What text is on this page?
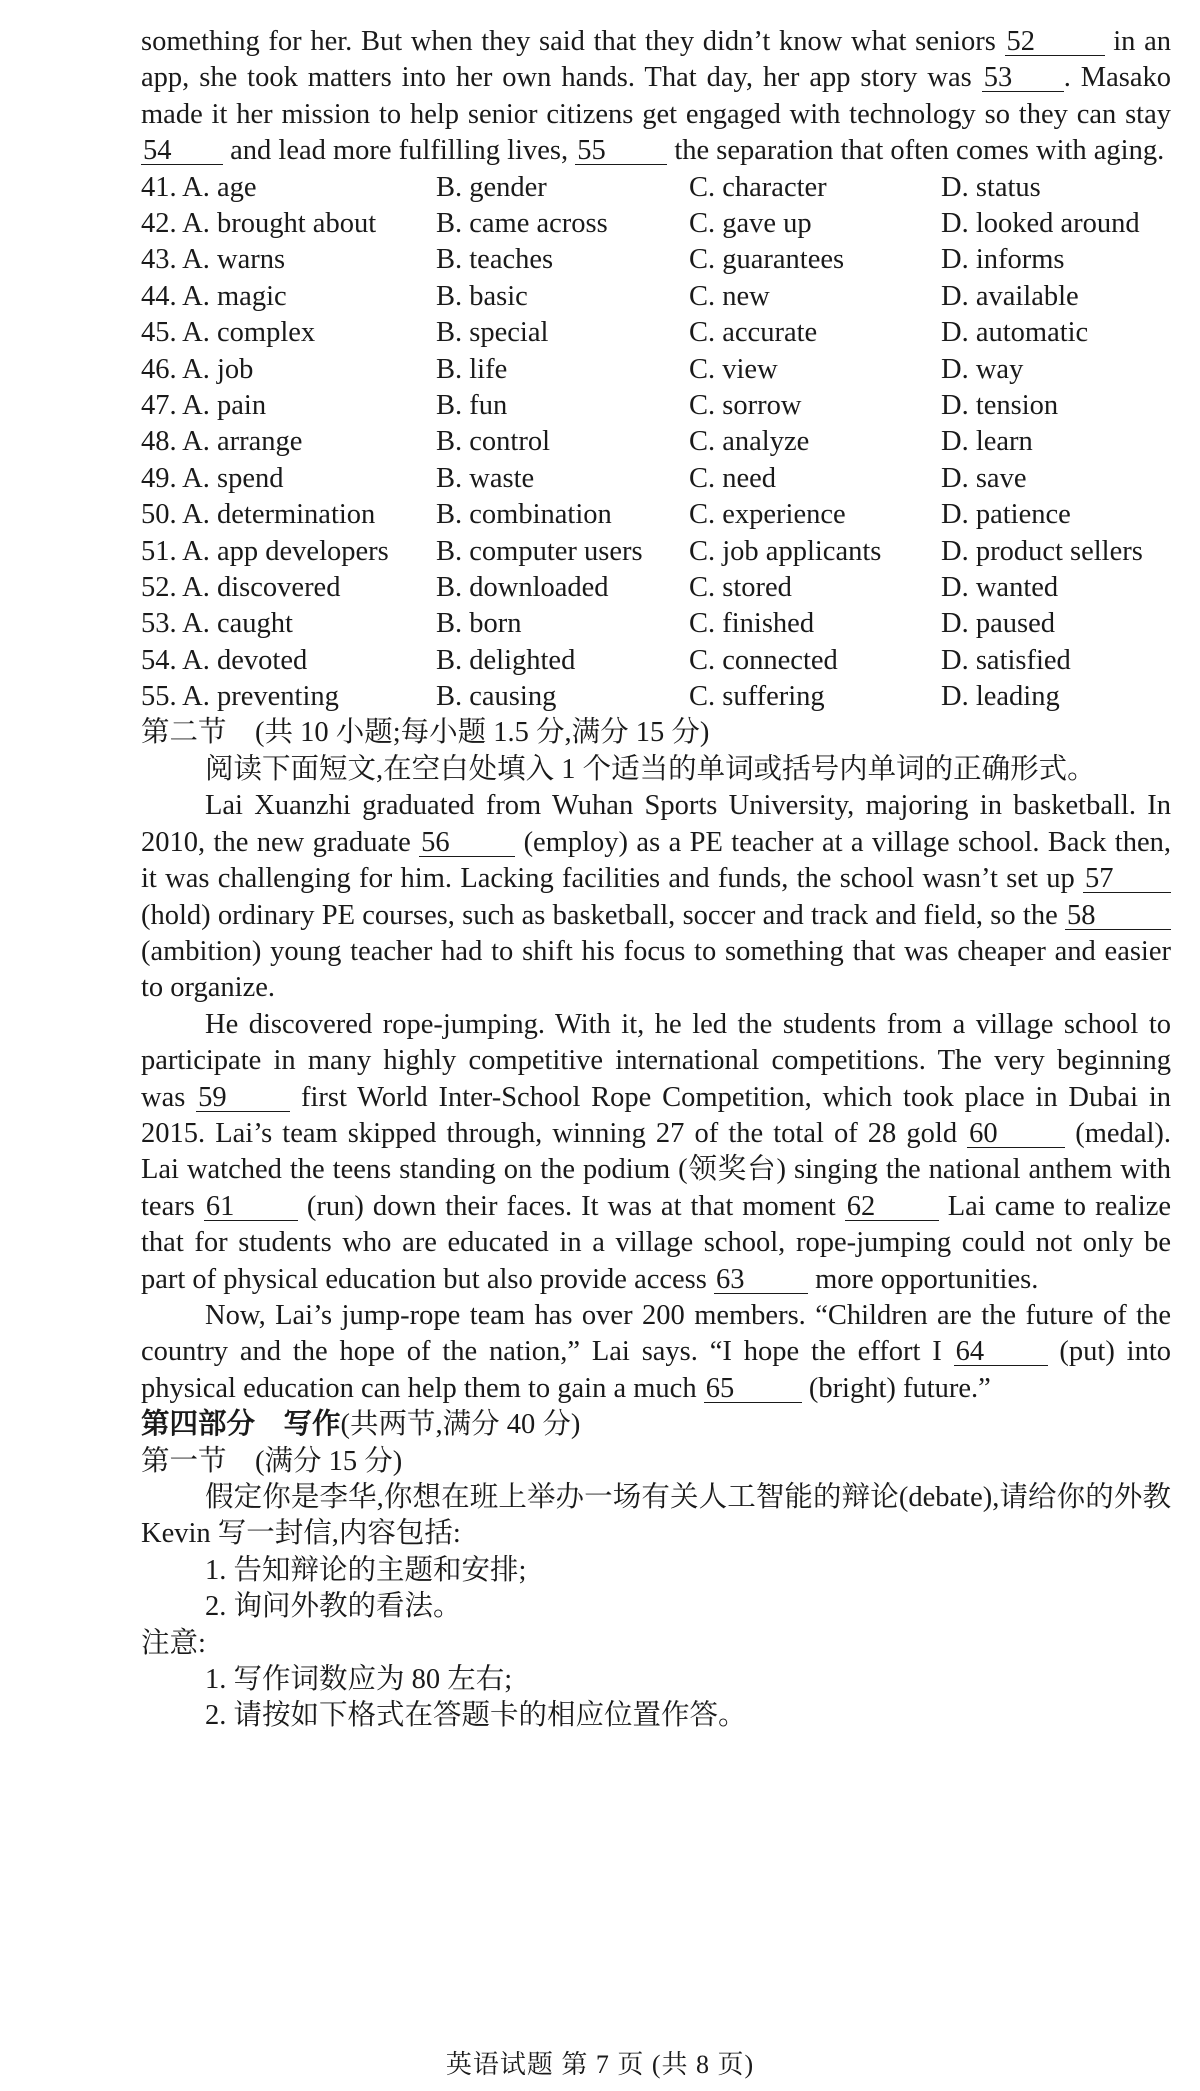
something for her. But when they said that they didn’t know what seniors 52	in an app, she took matters into her own hands. That day, her app story was 53 . Masako made it her mission to help senior citizens get engaged with technology so they can stay 54 and lead more fulfilling lives, 55 the separation that often comes with aging.

41. A. age	B. gender	C. character	D. status
42. A. brought about	B. came across	C. gave up	D. looked around
43. A. warns	B. teaches	C. guarantees	D. informs
44. A. magic	B. basic	C. new	D. available
45. A. complex	B. special	C. accurate	D. automatic
46. A. job	B. life	C. view	D. way
47. A. pain	B. fun	C. sorrow	D. tension
48. A. arrange	B. control	C. analyze	D. learn
49. A. spend	B. waste	C. need	D. save
50. A. determination	B. combination	C. experience	D. patience
51. A. app developers	B. computer users	C. job applicants	D. product sellers
52. A. discovered	B. downloaded	C. stored	D. wanted
53. A. caught	B. born	C. finished	D. paused
54. A. devoted	B. delighted	C. connected	D. satisfied
55. A. preventing	B. causing	C. suffering	D. leading

第二节　(共 10 小题;每小题 1.5 分,满分 15 分)

阅读下面短文,在空白处填入 1 个适当的单词或括号内单词的正确形式。

Lai Xuanzhi graduated from Wuhan Sports University, majoring in basketball. In 2010, the new graduate 56	(employ) as a PE teacher at a village school. Back then, it was challenging for him. Lacking facilities and funds, the school wasn’t set up 57 (hold) ordinary PE courses, such as basketball, soccer and track and field, so the 58 (ambition) young teacher had to shift his focus to something that was cheaper and easier to organize.

He discovered rope-jumping. With it, he led the students from a village school to participate in many highly competitive international competitions. The very beginning was 59	first World Inter-School Rope Competition, which took place in Dubai in 2015. Lai’s team skipped through, winning 27 of the total of 28 gold 60	(medal). Lai watched the teens standing on the podium (领奖台) singing the national anthem with tears 61	(run) down their faces. It was at that moment 62	Lai came to realize that for students who are educated in a village school, rope-jumping could not only be part of physical education but also provide access 63 more opportunities.

Now, Lai’s jump-rope team has over 200 members. “Children are the future of the country and the hope of the nation,” Lai says. “I hope the effort I 64	(put) into physical education can help them to gain a much 65	(bright) future.”

第四部分　写作(共两节,满分 40 分)

第一节　(满分 15 分)

假定你是李华,你想在班上举办一场有关人工智能的辩论(debate),请给你的外教 Kevin 写一封信,内容包括:

1. 告知辩论的主题和安排;

2. 询问外教的看法。

注意:

1. 写作词数应为 80 左右;

2. 请按如下格式在答题卡的相应位置作答。

英语试题 第 7 页 (共 8 页)
